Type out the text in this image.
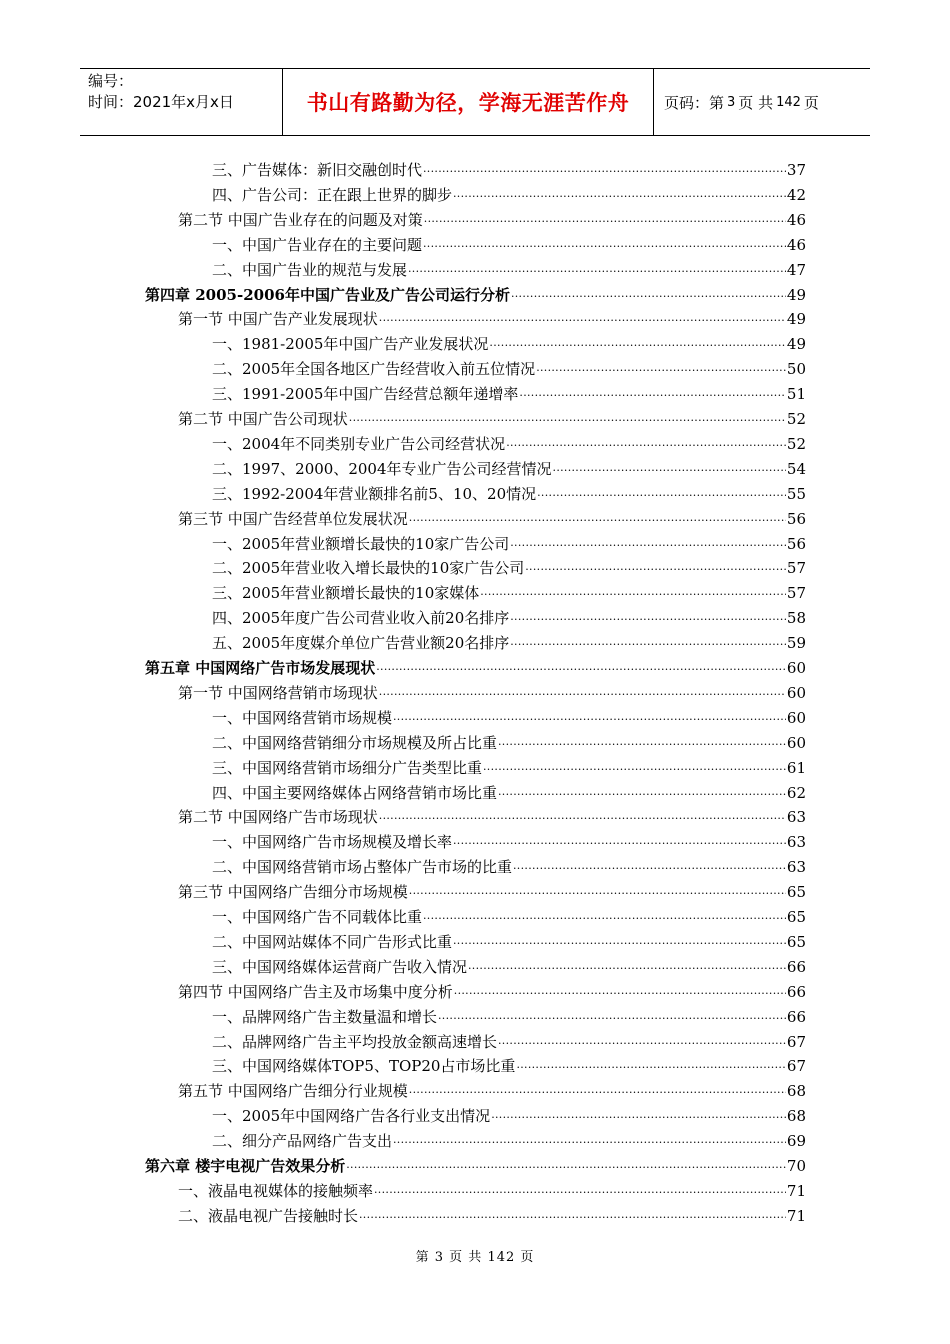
编号：
时间：2021年x月x日	书山有路勤为径，学海无涯苦作舟 页码：第 3 页 共 142 页
三、广告媒体：新旧交融创时代 ·····	37
四、广告公司：正在跟上世界的脚步 ·····	42
第二节 中国广告业存在的问题及对策 ·····	46
一、中国广告业存在的主要问题 ·····	46
二、中国广告业的规范与发展 ·····	47
第四章 2005-2006年中国广告业及广告公司运行分析 ·····	49
第一节 中国广告产业发展现状 ·····	49
一、1981-2005年中国广告产业发展状况 ·····	49
二、2005年全国各地区广告经营收入前五位情况 ·····	50
三、1991-2005年中国广告经营总额年递增率 ·····	51
第二节 中国广告公司现状 ·····	52
一、2004年不同类别专业广告公司经营状况 ·····	52
二、1997、2000、2004年专业广告公司经营情况 ·····	54
三、1992-2004年营业额排名前5、10、20情况 ·····	55
第三节 中国广告经营单位发展状况 ·····	56
一、2005年营业额增长最快的10家广告公司 ·····	56
二、2005年营业收入增长最快的10家广告公司 ·····	57
三、2005年营业额增长最快的10家媒体 ·····	57
四、2005年度广告公司营业收入前20名排序 ·····	58
五、2005年度媒介单位广告营业额20名排序 ·····	59
第五章 中国网络广告市场发展现状 ·····	60
第一节 中国网络营销市场现状 ·····	60
一、中国网络营销市场规模 ·····	60
二、中国网络营销细分市场规模及所占比重 ·····	60
三、中国网络营销市场细分广告类型比重 ·····	61
四、中国主要网络媒体占网络营销市场比重 ·····	62
第二节 中国网络广告市场现状 ·····	63
一、中国网络广告市场规模及增长率 ·····	63
二、中国网络营销市场占整体广告市场的比重 ·····	63
第三节 中国网络广告细分市场规模 ·····	65
一、中国网络广告不同载体比重 ·····	65
二、中国网站媒体不同广告形式比重 ·····	65
三、中国网络媒体运营商广告收入情况 ·····	66
第四节 中国网络广告主及市场集中度分析 ·····	66
一、品牌网络广告主数量温和增长 ·····	66
二、品牌网络广告主平均投放金额高速增长 ·····	67
三、中国网络媒体TOP5、TOP20占市场比重 ·····	67
第五节 中国网络广告细分行业规模 ·····	68
一、2005年中国网络广告各行业支出情况 ·····	68
二、细分产品网络广告支出 ·····	69
第六章 楼宇电视广告效果分析 ·····	70
一、液晶电视媒体的接触频率 ·····	71
二、液晶电视广告接触时长 ·····	71
第 3 页 共 142 页
